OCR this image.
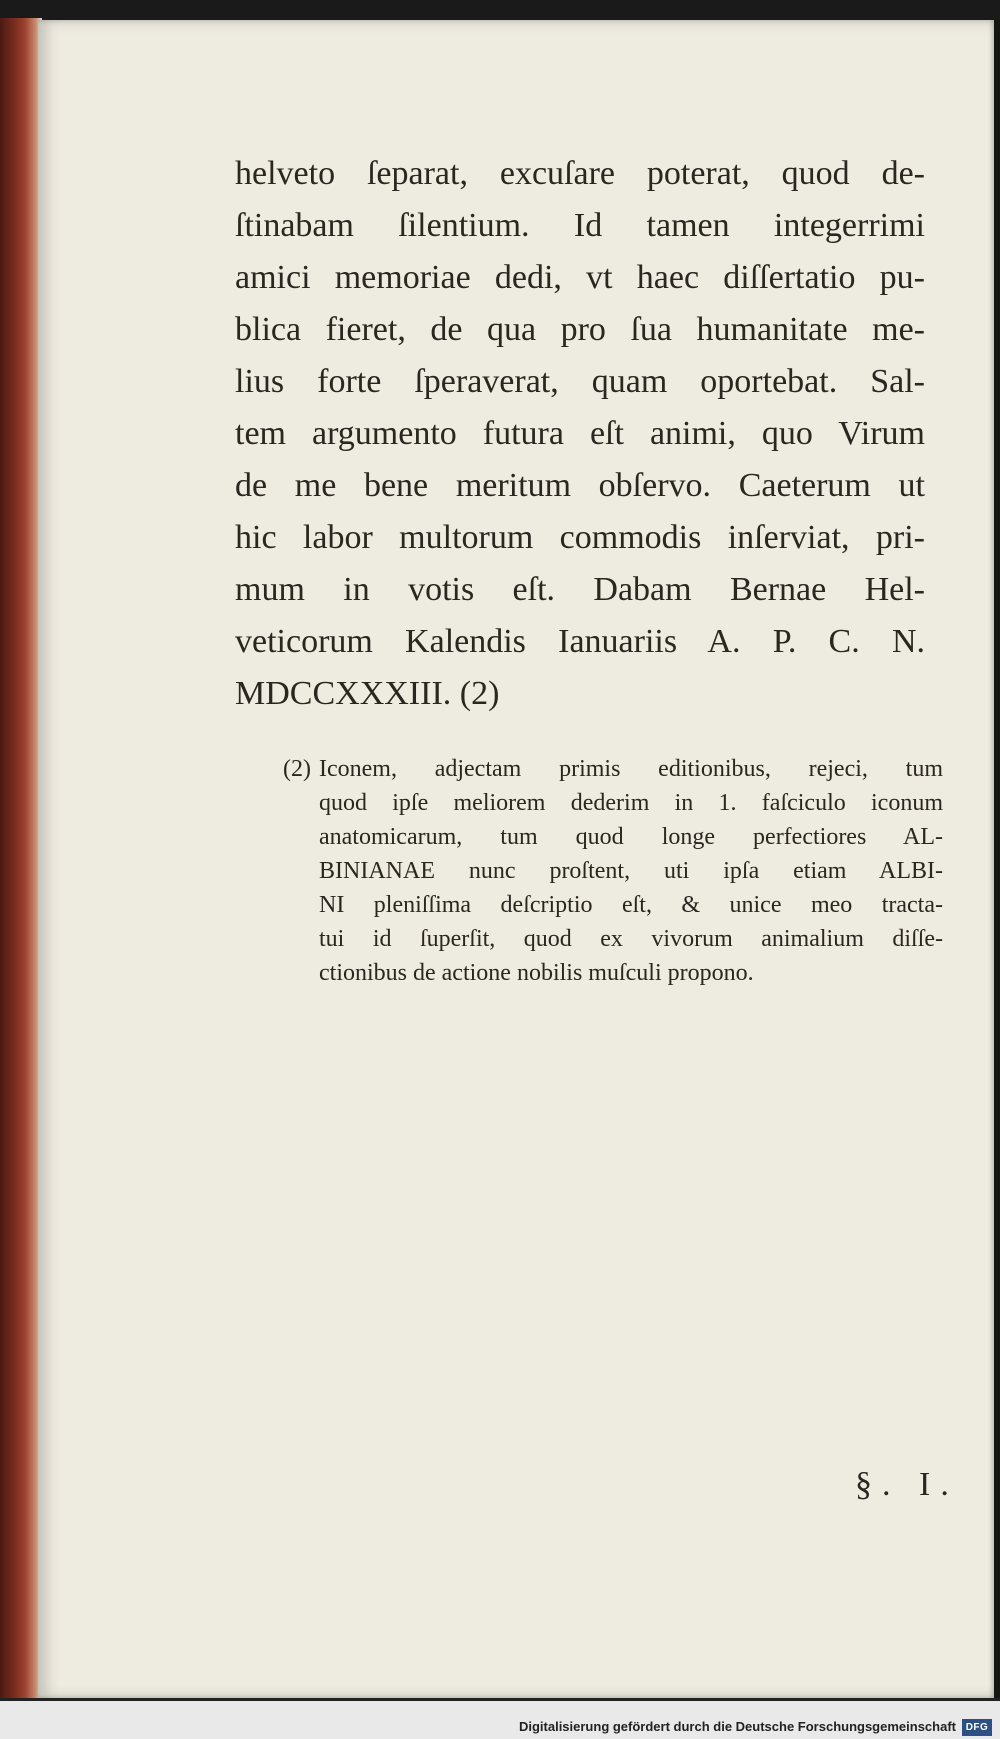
helveto ſeparat, excuſare poterat, quod de-
ſtinabam ſilentium. Id tamen integerrimi
amici memoriae dedi, vt haec diſſertatio pu-
blica fieret, de qua pro ſua humanitate me-
lius forte ſperaverat, quam oportebat. Sal-
tem argumento futura eſt animi, quo Virum
de me bene meritum obſervo. Caeterum ut
hic labor multorum commodis inſerviat, pri-
mum in votis eſt. Dabam Bernae Hel-
veticorum Kalendis Ianuariis A. P. C. N.
MDCCXXXIII. (2)
(2) Iconem, adjectam primis editionibus, rejeci, tum
quod ipſe meliorem dederim in 1. faſciculo iconum
anatomicarum, tum quod longe perfectiores AL-
BINIANAE nunc proſtent, uti ipſa etiam ALBI-
NI pleniſſima deſcriptio eſt, & unice meo tracta-
tui id ſuperſit, quod ex vivorum animalium diſſe-
ctionibus de actione nobilis muſculi propono.
§. I.
Digitalisierung gefördert durch die Deutsche Forschungsgemeinschaft DFG
